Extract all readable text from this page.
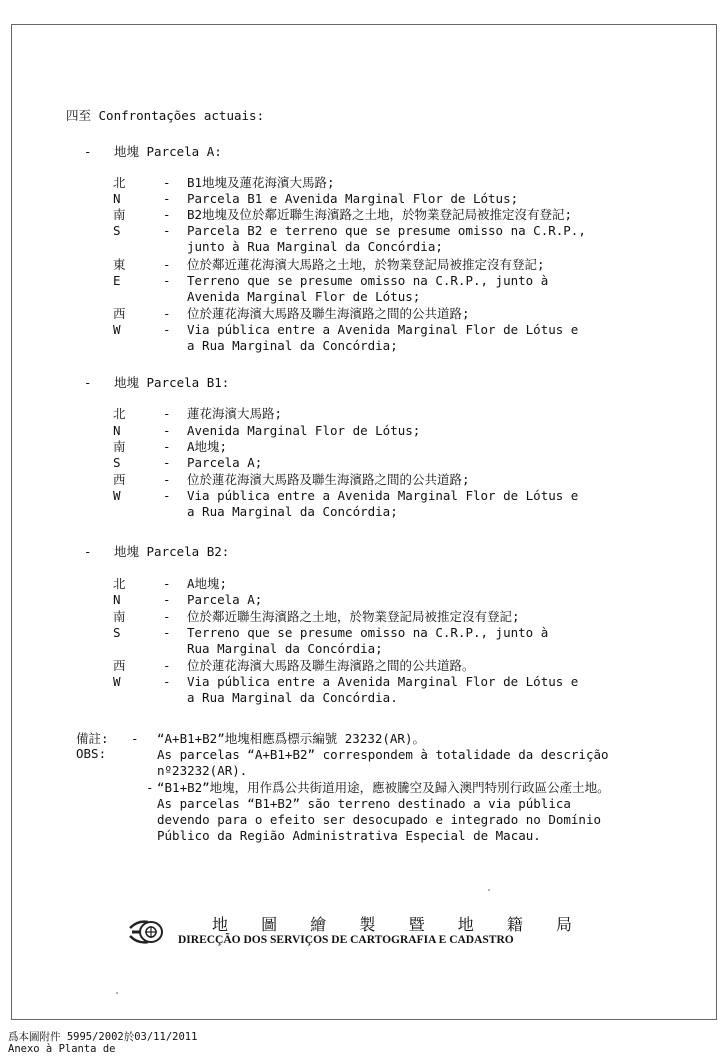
四至 Confrontações actuais:
- 地塊 Parcela A:
北	- B1地塊及蓮花海濱大馬路;
N	- Parcela B1 e Avenida Marginal Flor de Lótus;
南	- B2地塊及位於鄰近聯生海濱路之土地，於物業登記局被推定沒有登記;
S	- Parcela B2 e terreno que se presume omisso na C.R.P.,
junto à Rua Marginal da Concórdia;
東	- 位於鄰近蓮花海濱大馬路之土地，於物業登記局被推定沒有登記;
E	- Terreno que se presume omisso na C.R.P., junto à
Avenida Marginal Flor de Lótus;
西	- 位於蓮花海濱大馬路及聯生海濱路之間的公共道路;
W	- Via pública entre a Avenida Marginal Flor de Lótus e
a Rua Marginal da Concórdia;
- 地塊 Parcela B1:
北	- 蓮花海濱大馬路;
N	- Avenida Marginal Flor de Lótus;
南	- A地塊;
S	- Parcela A;
西	- 位於蓮花海濱大馬路及聯生海濱路之間的公共道路;
W	- Via pública entre a Avenida Marginal Flor de Lótus e
a Rua Marginal da Concórdia;
- 地塊 Parcela B2:
北	- A地塊;
N	- Parcela A;
南	- 位於鄰近聯生海濱路之土地，於物業登記局被推定沒有登記;
S	- Terreno que se presume omisso na C.R.P., junto à
Rua Marginal da Concórdia;
西	- 位於蓮花海濱大馬路及聯生海濱路之間的公共道路。
W	- Via pública entre a Avenida Marginal Flor de Lótus e
a Rua Marginal da Concórdia.
備註:
OBS:
- “A+B1+B2”地塊相應爲標示編號 23232(AR)。
As parcelas “A+B1+B2” correspondem à totalidade da descrição
nº23232(AR).
- “B1+B2”地塊，用作爲公共街道用途，應被騰空及歸入澳門特別行政區公產土地。
As parcelas “B1+B2” são terreno destinado a via pública
devendo para o efeito ser desocupado e integrado no Domínio
Público da Região Administrativa Especial de Macau.
地 圖 繪 製 暨 地 籍 局
DIRECÇÃO DOS SERVIÇOS DE CARTOGRAFIA E CADASTRO
爲本圖附件 5995/2002於03/11/2011
Anexo à Planta de
